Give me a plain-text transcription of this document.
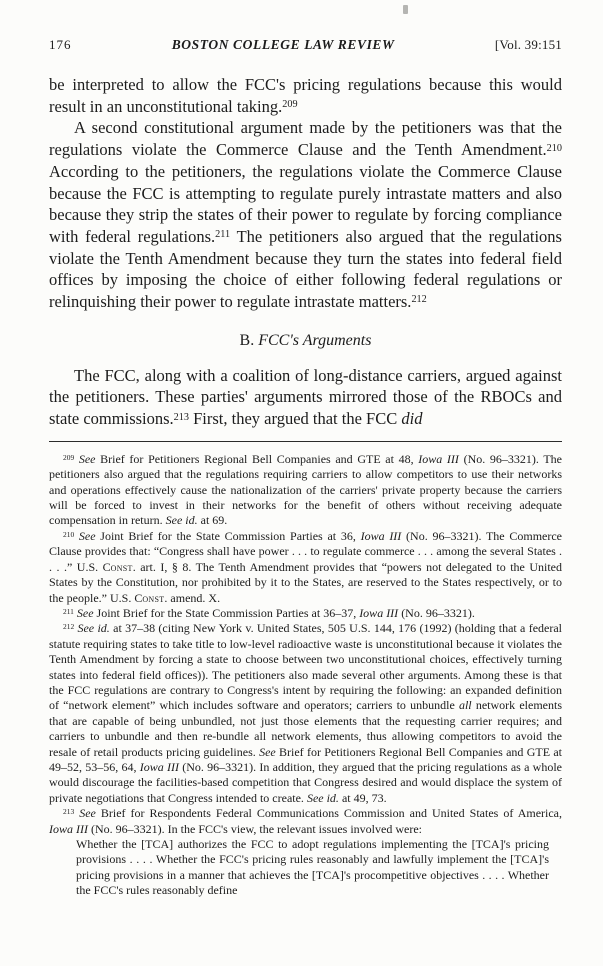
176	BOSTON COLLEGE LAW REVIEW	[Vol. 39:151

be interpreted to allow the FCC's pricing regulations because this would result in an unconstitutional taking.$^{209}$

A second constitutional argument made by the petitioners was that the regulations violate the Commerce Clause and the Tenth Amendment.$^{210}$ According to the petitioners, the regulations violate the Commerce Clause because the FCC is attempting to regulate purely intrastate matters and also because they strip the states of their power to regulate by forcing compliance with federal regulations.$^{211}$ The petitioners also argued that the regulations violate the Tenth Amendment because they turn the states into federal field offices by imposing the choice of either following federal regulations or relinquishing their power to regulate intrastate matters.$^{212}$

B. FCC's Arguments

The FCC, along with a coalition of long-distance carriers, argued against the petitioners. These parties' arguments mirrored those of the RBOCs and state commissions.$^{213}$ First, they argued that the FCC did

$^{209}$ See Brief for Petitioners Regional Bell Companies and GTE at 48, Iowa III (No. 96–3321). The petitioners also argued that the regulations requiring carriers to allow competitors to use their networks and operations effectively cause the nationalization of the carriers' private property because the carriers will be forced to invest in their networks for the benefit of others without receiving adequate compensation in return. See id. at 69.

$^{210}$ See Joint Brief for the State Commission Parties at 36, Iowa III (No. 96–3321). The Commerce Clause provides that: “Congress shall have power . . . to regulate commerce . . . among the several States . . . .” U.S. Const. art. I, § 8. The Tenth Amendment provides that “powers not delegated to the United States by the Constitution, nor prohibited by it to the States, are reserved to the States respectively, or to the people.” U.S. Const. amend. X.

$^{211}$ See Joint Brief for the State Commission Parties at 36–37, Iowa III (No. 96–3321).

$^{212}$ See id. at 37–38 (citing New York v. United States, 505 U.S. 144, 176 (1992) (holding that a federal statute requiring states to take title to low-level radioactive waste is unconstitutional because it violates the Tenth Amendment by forcing a state to choose between two unconstitutional choices, effectively turning states into federal field offices)). The petitioners also made several other arguments. Among these is that the FCC regulations are contrary to Congress's intent by requiring the following: an expanded definition of “network element” which includes software and operators; carriers to unbundle all network elements that are capable of being unbundled, not just those elements that the requesting carrier requires; and carriers to unbundle and then re-bundle all network elements, thus allowing competitors to avoid the resale of retail products pricing guidelines. See Brief for Petitioners Regional Bell Companies and GTE at 49–52, 53–56, 64, Iowa III (No. 96–3321). In addition, they argued that the pricing regulations as a whole would discourage the facilities-based competition that Congress desired and would displace the system of private negotiations that Congress intended to create. See id. at 49, 73.

$^{213}$ See Brief for Respondents Federal Communications Commission and United States of America, Iowa III (No. 96–3321). In the FCC's view, the relevant issues involved were:

Whether the [TCA] authorizes the FCC to adopt regulations implementing the [TCA]'s pricing provisions . . . . Whether the FCC's pricing rules reasonably and lawfully implement the [TCA]'s pricing provisions in a manner that achieves the [TCA]'s procompetitive objectives . . . . Whether the FCC's rules reasonably define
